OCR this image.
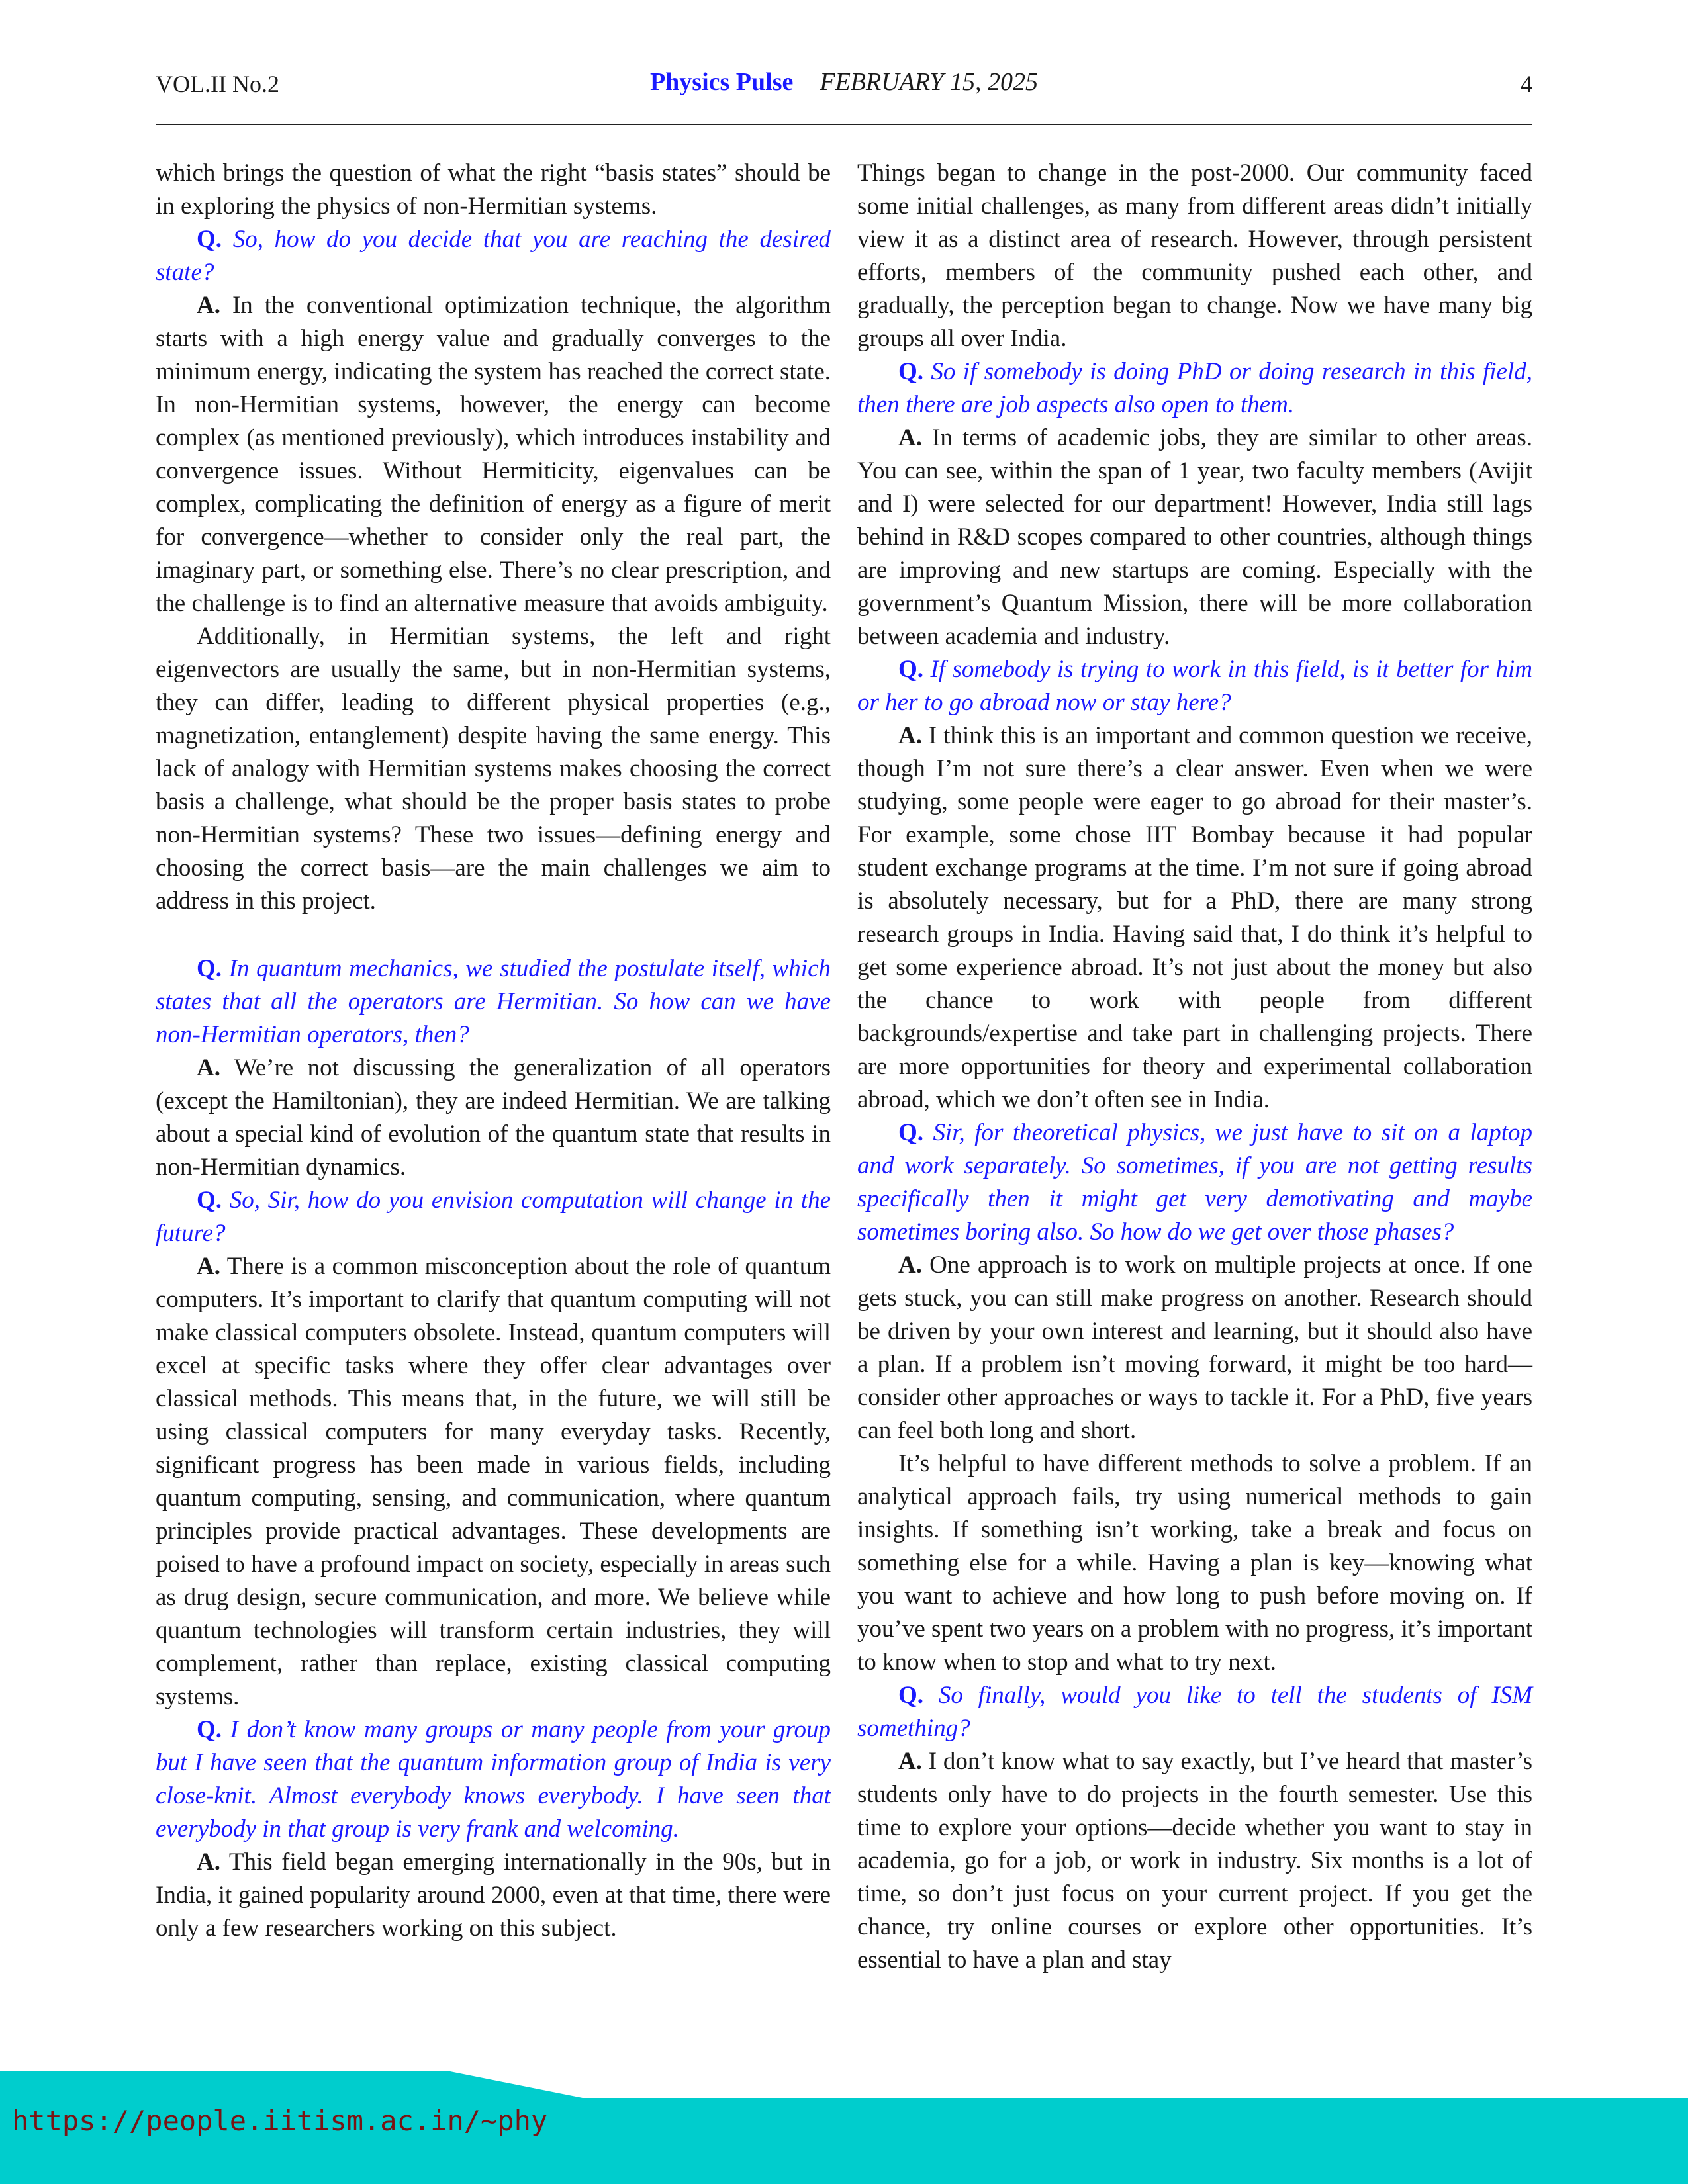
VOL.II No.2	Physics Pulse FEBRUARY 15, 2025	4

which brings the question of what the right “basis states” should be in exploring the physics of non-Hermitian systems.

Q. So, how do you decide that you are reaching the desired state?

A. In the conventional optimization technique, the algorithm starts with a high energy value and gradually converges to the minimum energy, indicating the system has reached the correct state. In non-Hermitian systems, however, the energy can become complex (as mentioned previously), which introduces instability and convergence issues. Without Hermiticity, eigenvalues can be complex, complicating the definition of energy as a figure of merit for convergence—whether to consider only the real part, the imaginary part, or something else. There’s no clear prescription, and the challenge is to find an alternative measure that avoids ambiguity.

Additionally, in Hermitian systems, the left and right eigenvectors are usually the same, but in non-Hermitian systems, they can differ, leading to different physical properties (e.g., magnetization, entanglement) despite having the same energy. This lack of analogy with Hermitian systems makes choosing the correct basis a challenge, what should be the proper basis states to probe non-Hermitian systems? These two issues—defining energy and choosing the correct basis—are the main challenges we aim to address in this project.

Q. In quantum mechanics, we studied the postulate itself, which states that all the operators are Hermitian. So how can we have non-Hermitian operators, then?

A. We’re not discussing the generalization of all operators (except the Hamiltonian), they are indeed Hermitian. We are talking about a special kind of evolution of the quantum state that results in non-Hermitian dynamics.

Q. So, Sir, how do you envision computation will change in the future?

A. There is a common misconception about the role of quantum computers. It’s important to clarify that quantum computing will not make classical computers obsolete. Instead, quantum computers will excel at specific tasks where they offer clear advantages over classical methods. This means that, in the future, we will still be using classical computers for many everyday tasks. Recently, significant progress has been made in various fields, including quantum computing, sensing, and communication, where quantum principles provide practical advantages. These developments are poised to have a profound impact on society, especially in areas such as drug design, secure communication, and more. We believe while quantum technologies will transform certain industries, they will complement, rather than replace, existing classical computing systems.

Q. I don’t know many groups or many people from your group but I have seen that the quantum information group of India is very close-knit. Almost everybody knows everybody. I have seen that everybody in that group is very frank and welcoming.

A. This field began emerging internationally in the 90s, but in India, it gained popularity around 2000, even at that time, there were only a few researchers working on this subject.

Things began to change in the post-2000. Our community faced some initial challenges, as many from different areas didn’t initially view it as a distinct area of research. However, through persistent efforts, members of the community pushed each other, and gradually, the perception began to change. Now we have many big groups all over India.

Q. So if somebody is doing PhD or doing research in this field, then there are job aspects also open to them.

A. In terms of academic jobs, they are similar to other areas. You can see, within the span of 1 year, two faculty members (Avijit and I) were selected for our department! However, India still lags behind in R&D scopes compared to other countries, although things are improving and new startups are coming. Especially with the government’s Quantum Mission, there will be more collaboration between academia and industry.

Q. If somebody is trying to work in this field, is it better for him or her to go abroad now or stay here?

A. I think this is an important and common question we receive, though I’m not sure there’s a clear answer. Even when we were studying, some people were eager to go abroad for their master’s. For example, some chose IIT Bombay because it had popular student exchange programs at the time. I’m not sure if going abroad is absolutely necessary, but for a PhD, there are many strong research groups in India. Having said that, I do think it’s helpful to get some experience abroad. It’s not just about the money but also the chance to work with people from different backgrounds/expertise and take part in challenging projects. There are more opportunities for theory and experimental collaboration abroad, which we don’t often see in India.

Q. Sir, for theoretical physics, we just have to sit on a laptop and work separately. So sometimes, if you are not getting results specifically then it might get very demotivating and maybe sometimes boring also. So how do we get over those phases?

A. One approach is to work on multiple projects at once. If one gets stuck, you can still make progress on another. Research should be driven by your own interest and learning, but it should also have a plan. If a problem isn’t moving forward, it might be too hard—consider other approaches or ways to tackle it. For a PhD, five years can feel both long and short.

It’s helpful to have different methods to solve a problem. If an analytical approach fails, try using numerical methods to gain insights. If something isn’t working, take a break and focus on something else for a while. Having a plan is key—knowing what you want to achieve and how long to push before moving on. If you’ve spent two years on a problem with no progress, it’s important to know when to stop and what to try next.

Q. So finally, would you like to tell the students of ISM something?

A. I don’t know what to say exactly, but I’ve heard that master’s students only have to do projects in the fourth semester. Use this time to explore your options—decide whether you want to stay in academia, go for a job, or work in industry. Six months is a lot of time, so don’t just focus on your current project. If you get the chance, try online courses or explore other opportunities. It’s essential to have a plan and stay

https://people.iitism.ac.in/~phy
